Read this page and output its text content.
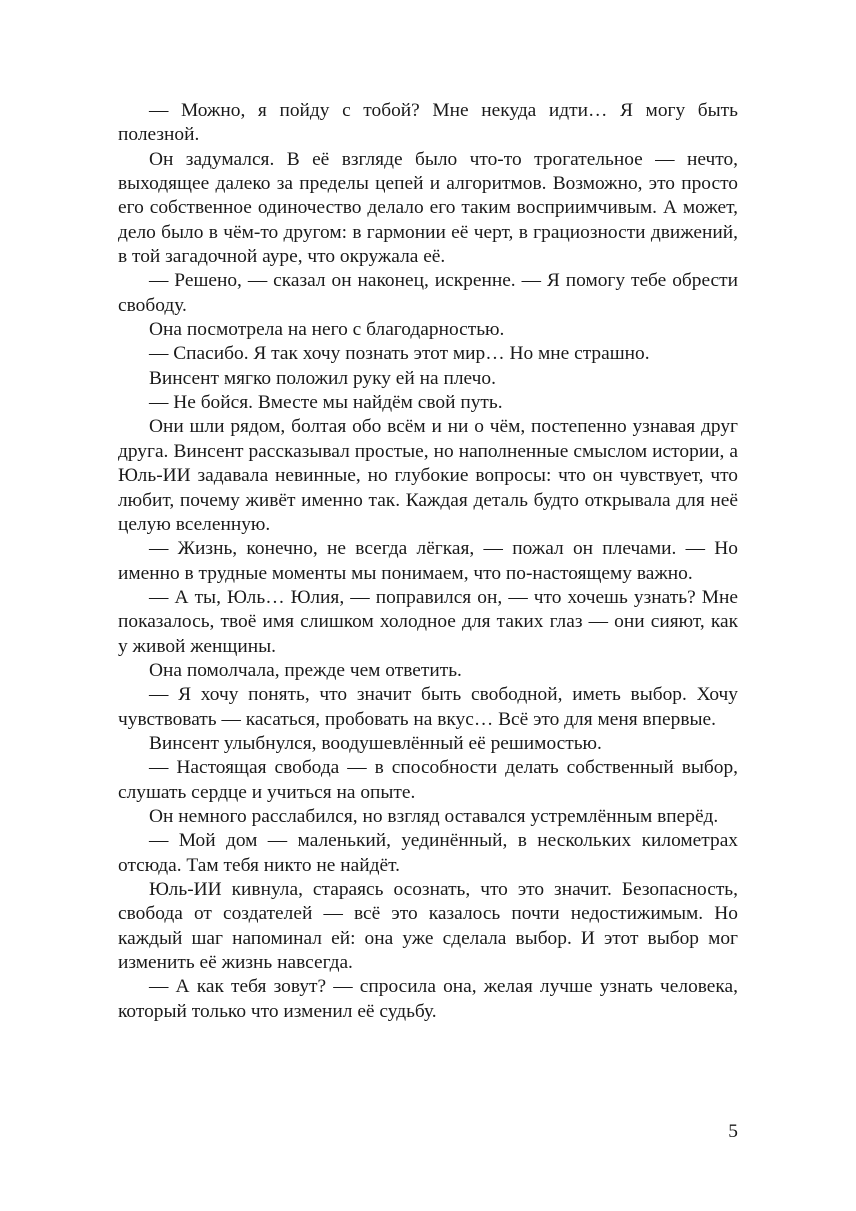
— Можно, я пойду с тобой? Мне некуда идти… Я могу быть полезной.

Он задумался. В её взгляде было что-то трогательное — нечто, выходящее далеко за пределы цепей и алгоритмов. Возможно, это просто его собственное одиночество делало его таким восприимчивым. А может, дело было в чём-то другом: в гармонии её черт, в грациозности движений, в той загадочной ауре, что окружала её.

— Решено, — сказал он наконец, искренне. — Я помогу тебе обрести свободу.

Она посмотрела на него с благодарностью.

— Спасибо. Я так хочу познать этот мир… Но мне страшно.

Винсент мягко положил руку ей на плечо.

— Не бойся. Вместе мы найдём свой путь.

Они шли рядом, болтая обо всём и ни о чём, постепенно узнавая друг друга. Винсент рассказывал простые, но наполненные смыслом истории, а Юль-ИИ задавала невинные, но глубокие вопросы: что он чувствует, что любит, почему живёт именно так. Каждая деталь будто открывала для неё целую вселенную.

— Жизнь, конечно, не всегда лёгкая, — пожал он плечами. — Но именно в трудные моменты мы понимаем, что по-настоящему важно.

— А ты, Юль… Юлия, — поправился он, — что хочешь узнать? Мне показалось, твоё имя слишком холодное для таких глаз — они сияют, как у живой женщины.

Она помолчала, прежде чем ответить.

— Я хочу понять, что значит быть свободной, иметь выбор. Хочу чувствовать — касаться, пробовать на вкус… Всё это для меня впервые.

Винсент улыбнулся, воодушевлённый её решимостью.

— Настоящая свобода — в способности делать собственный выбор, слушать сердце и учиться на опыте.

Он немного расслабился, но взгляд оставался устремлённым вперёд.

— Мой дом — маленький, уединённый, в нескольких километрах отсюда. Там тебя никто не найдёт.

Юль-ИИ кивнула, стараясь осознать, что это значит. Безопасность, свобода от создателей — всё это казалось почти недостижимым. Но каждый шаг напоминал ей: она уже сделала выбор. И этот выбор мог изменить её жизнь навсегда.

— А как тебя зовут? — спросила она, желая лучше узнать человека, который только что изменил её судьбу.

5
